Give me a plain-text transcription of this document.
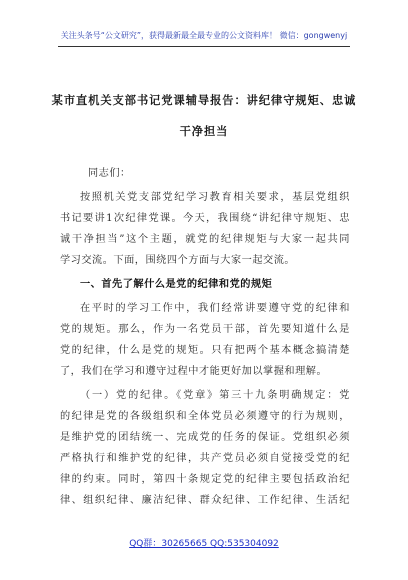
关注头条号“公文研究”，获得最新最全最专业的公文资料库！ 微信：gongwenyj
某市直机关支部书记党课辅导报告：讲纪律守规矩、忠诚
干净担当
同志们：
按照机关党支部党纪学习教育相关要求，基层党组织
书记要讲1次纪律党课。今天，我围绕“讲纪律守规矩、忠
诚干净担当”这个主题，就党的纪律规矩与大家一起共同
学习交流。下面，围绕四个方面与大家一起交流。
一、首先了解什么是党的纪律和党的规矩
在平时的学习工作中，我们经常讲要遵守党的纪律和
党的规矩。那么，作为一名党员干部，首先要知道什么是
党的纪律，什么是党的规矩。只有把两个基本概念搞清楚
了，我们在学习和遵守过程中才能更好加以掌握和理解。
（一）党的纪律。《党章》第三十九条明确规定：党
的纪律是党的各级组织和全体党员必须遵守的行为规则，
是维护党的团结统一、完成党的任务的保证。党组织必须
严格执行和维护党的纪律，共产党员必须自觉接受党的纪
律的约束。同时，第四十条规定党的纪律主要包括政治纪
律、组织纪律、廉洁纪律、群众纪律、工作纪律、生活纪
QQ群：30265665 QQ:535304092
